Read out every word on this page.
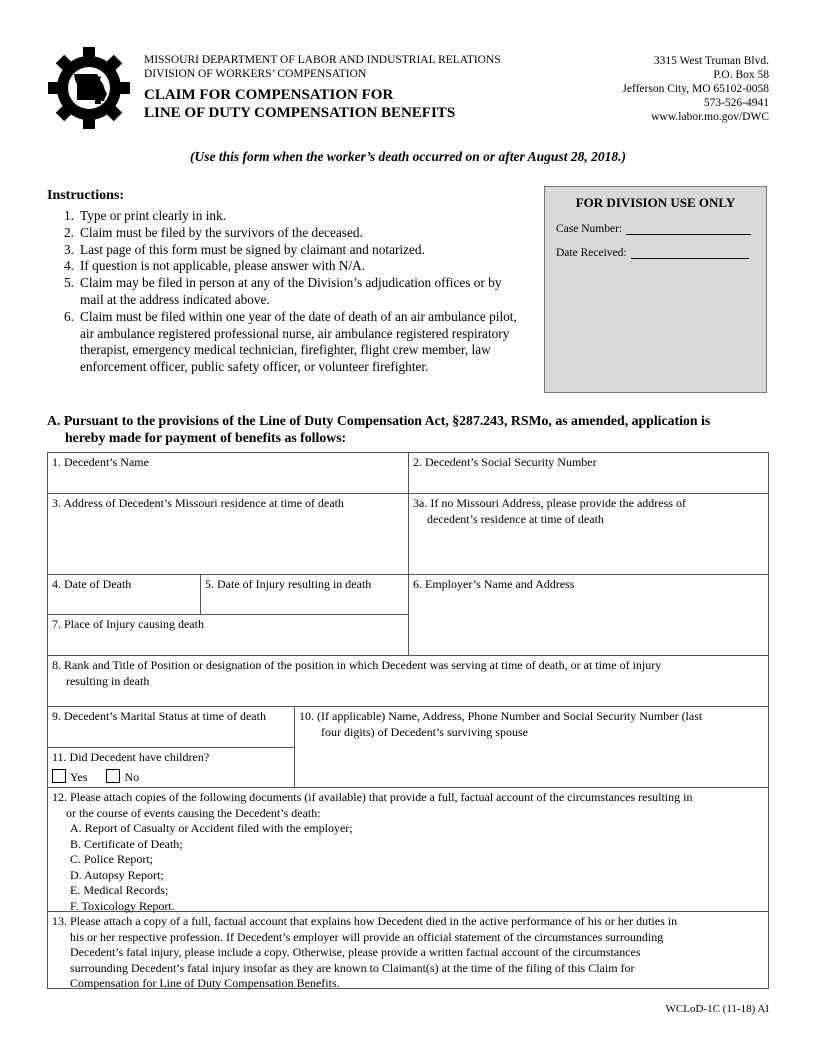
MISSOURI DEPARTMENT OF LABOR AND INDUSTRIAL RELATIONS
DIVISION OF WORKERS’ COMPENSATION
CLAIM FOR COMPENSATION FOR
LINE OF DUTY COMPENSATION BENEFITS
3315 West Truman Blvd.
P.O. Box 58
Jefferson City, MO 65102-0058
573-526-4941
www.labor.mo.gov/DWC
(Use this form when the worker’s death occurred on or after August 28, 2018.)
Instructions:
1. Type or print clearly in ink.
2. Claim must be filed by the survivors of the deceased.
3. Last page of this form must be signed by claimant and notarized.
4. If question is not applicable, please answer with N/A.
5. Claim may be filed in person at any of the Division’s adjudication offices or by mail at the address indicated above.
6. Claim must be filed within one year of the date of death of an air ambulance pilot, air ambulance registered professional nurse, air ambulance registered respiratory therapist, emergency medical technician, firefighter, flight crew member, law enforcement officer, public safety officer, or volunteer firefighter.
FOR DIVISION USE ONLY
Case Number:
Date Received:
A. Pursuant to the provisions of the Line of Duty Compensation Act, §287.243, RSMo, as amended, application is
hereby made for payment of benefits as follows:
1. Decedent’s Name	2. Decedent’s Social Security Number
3. Address of Decedent’s Missouri residence at time of death	3a. If no Missouri Address, please provide the address of
decedent’s residence at time of death
4. Date of Death	5. Date of Injury resulting in death	6. Employer’s Name and Address
7. Place of Injury causing death
8. Rank and Title of Position or designation of the position in which Decedent was serving at time of death, or at time of injury
resulting in death
9. Decedent’s Marital Status at time of death	10. (If applicable) Name, Address, Phone Number and Social Security Number (last
four digits) of Decedent’s surviving spouse
11. Did Decedent have children?
Yes	No
12. Please attach copies of the following documents (if available) that provide a full, factual account of the circumstances resulting in
or the course of events causing the Decedent’s death:
A. Report of Casualty or Accident filed with the employer;
B. Certificate of Death;
C. Police Report;
D. Autopsy Report;
E. Medical Records;
F. Toxicology Report.
13. Please attach a copy of a full, factual account that explains how Decedent died in the active performance of his or her duties in
his or her respective profession. If Decedent’s employer will provide an official statement of the circumstances surrounding
Decedent’s fatal injury, please include a copy. Otherwise, please provide a written factual account of the circumstances
surrounding Decedent’s fatal injury insofar as they are known to Claimant(s) at the time of the filing of this Claim for
Compensation for Line of Duty Compensation Benefits.
WCLoD-1C (11-18) AI
